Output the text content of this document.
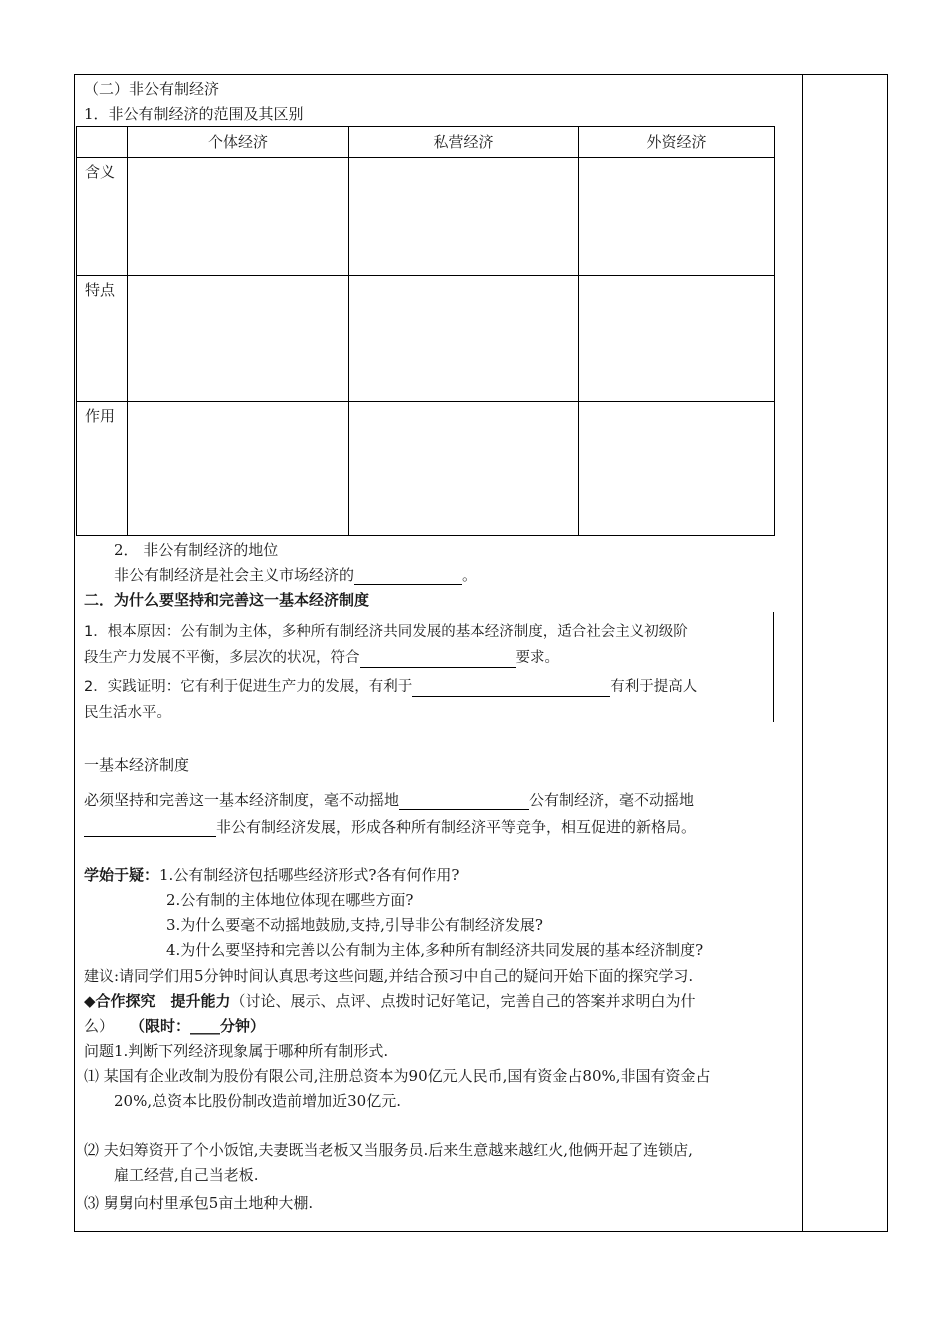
（二）非公有制经济
1．非公有制经济的范围及其区别
	个体经济	私营经济	外资经济
含义			
特点			
作用			
2． 非公有制经济的地位
非公有制经济是社会主义市场经济的	。
二．为什么要坚持和完善这一基本经济制度
1．根本原因：公有制为主体，多种所有制经济共同发展的基本经济制度，适合社会主义初级阶
段生产力发展不平衡，多层次的状况，符合	要求。
2．实践证明：它有利于促进生产力的发展，有利于	有利于提高人
民生活水平。
一基本经济制度
必须坚持和完善这一基本经济制度，毫不动摇地	公有制经济，毫不动摇地
非公有制经济发展，形成各种所有制经济平等竞争，相互促进的新格局。
学始于疑：1.公有制经济包括哪些经济形式?各有何作用?
2.公有制的主体地位体现在哪些方面?
3.为什么要毫不动摇地鼓励,支持,引导非公有制经济发展?
4.为什么要坚持和完善以公有制为主体,多种所有制经济共同发展的基本经济制度?
建议:请同学们用5分钟时间认真思考这些问题,并结合预习中自己的疑问开始下面的探究学习.
◆合作探究　提升能力（讨论、展示、点评、点拨时记好笔记，完善自己的答案并求明白为什
么） （限时：____分钟）
问题1.判断下列经济现象属于哪种所有制形式.
⑴ 某国有企业改制为股份有限公司,注册总资本为90亿元人民币,国有资金占80%,非国有资金占
20%,总资本比股份制改造前增加近30亿元.
⑵ 夫妇筹资开了个小饭馆,夫妻既当老板又当服务员.后来生意越来越红火,他俩开起了连锁店,
雇工经营,自己当老板.
⑶ 舅舅向村里承包5亩土地种大棚.
